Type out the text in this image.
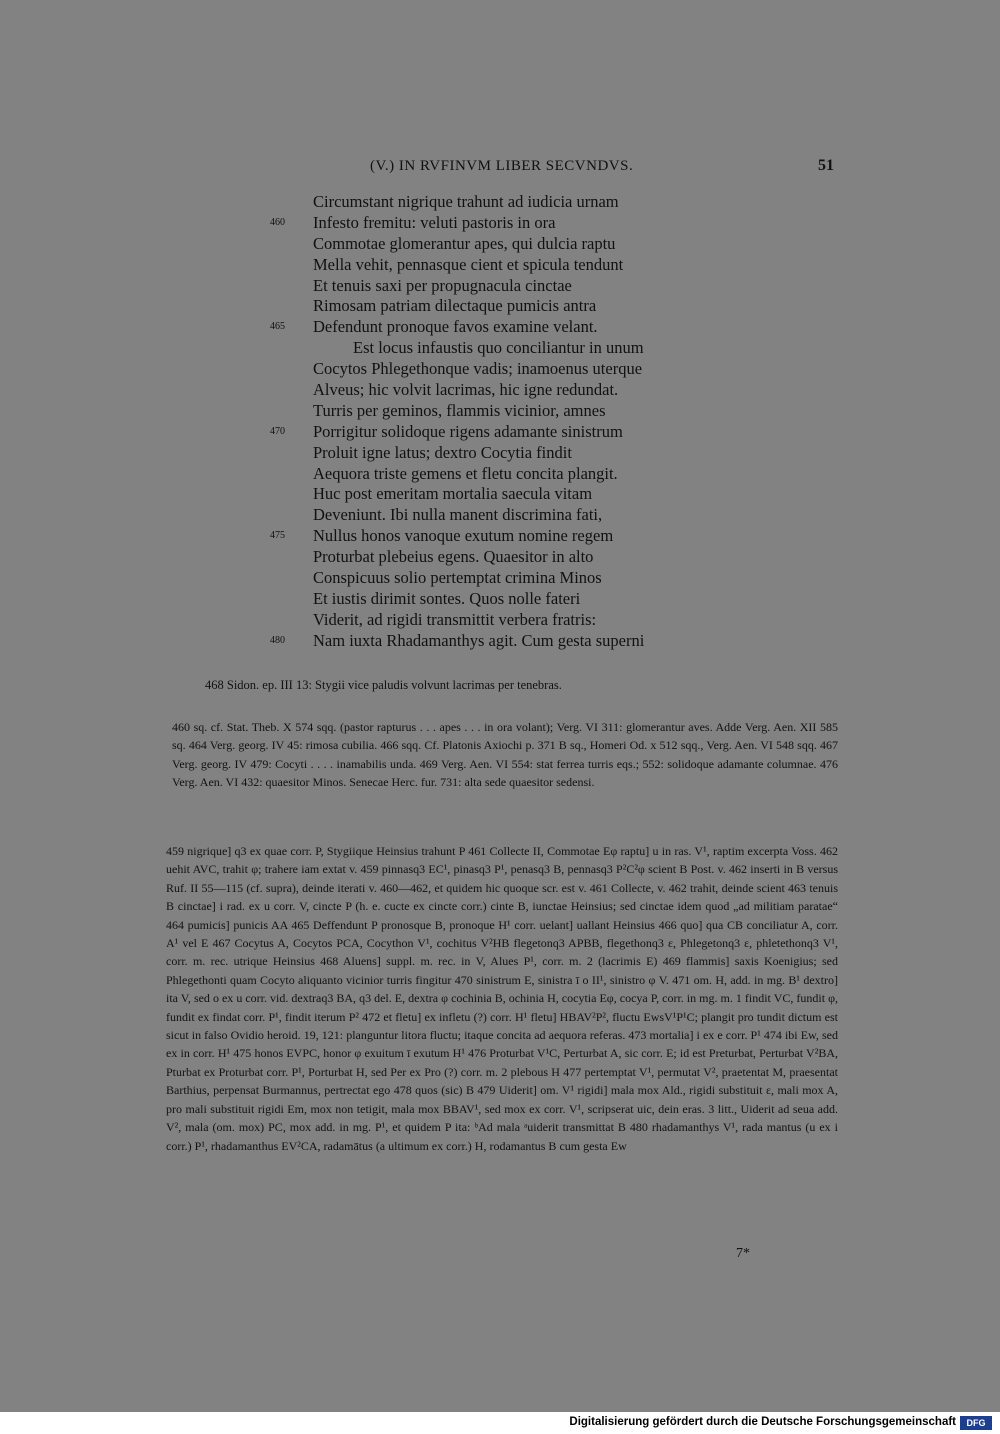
(V.) IN RVFINVM LIBER SECVNDVS.	51
Circumstant nigrique trahunt ad iudicia urnam
460	Infesto fremitu: veluti pastoris in ora
Commotae glomerantur apes, qui dulcia raptu
Mella vehit, pennasque cient et spicula tendunt
Et tenuis saxi per propugnacula cinctae
Rimosam patriam dilectaque pumicis antra
465	Defendunt pronoque favos examine velant.
Est locus infaustis quo conciliantur in unum
Cocytos Phlegethonque vadis; inamoenus uterque
Alveus; hic volvit lacrimas, hic igne redundat.
Turris per geminos, flammis vicinior, amnes
470	Porrigitur solidoque rigens adamante sinistrum
Proluit igne latus; dextro Cocytia findit
Aequora triste gemens et fletu concita plangit.
Huc post emeritam mortalia saecula vitam
Deveniunt. Ibi nulla manent discrimina fati,
475	Nullus honos vanoque exutum nomine regem
Proturbat plebeius egens. Quaesitor in alto
Conspicuus solio pertemptat crimina Minos
Et iustis dirimit sontes. Quos nolle fateri
Viderit, ad rigidi transmittit verbera fratris:
480	Nam iuxta Rhadamanthys agit. Cum gesta superni
468 Sidon. ep. III 13: Stygii vice paludis volvunt lacrimas per tenebras.

460 sq. cf. Stat. Theb. X 574 sqq. (pastor rapturus . . . apes . . . in ora volant); Verg. VI 311: glomerantur aves. Adde Verg. Aen. XII 585 sq. 464 Verg. georg. IV 45: rimosa cubilia. 466 sqq. Cf. Platonis Axiochi p. 371 B sq., Homeri Od. x 512 sqq., Verg. Aen. VI 548 sqq. 467 Verg. georg. IV 479: Cocyti . . . . inamabilis unda. 469 Verg. Aen. VI 554: stat ferrea turris eqs.; 552: solidoque adamante columnae. 476 Verg. Aen. VI 432: quaesitor Minos. Senecae Herc. fur. 731: alta sede quaesitor sedensi.

459 nigrique] q3 ex quae corr. P, Stygiique Heinsius trahunt P 461 Collecte II, Commotae Eφ raptu] u in ras. V¹, raptim excerpta Voss. 462 uehit AVC, trahit φ; trahere iam extat v. 459 pinnasq3 EC¹, pinasq3 P¹, penasq3 B, pennasq3 P²C²φ scient B Post. v. 462 inserti in B versus Ruf. II 55—115 (cf. supra), deinde iterati v. 460—462, et quidem hic quoque scr. est v. 461 Collecte, v. 462 trahit, deinde scient 463 tenuis B cinctae] i rad. ex u corr. V, cincte P (h. e. cucte ex cincte corr.) cinte B, iunctae Heinsius; sed cinctae idem quod „ad militiam paratae“ 464 pumicis] punicis AA 465 Deffendunt P pronosque B, pronoque H¹ corr. uelant] uallant Heinsius 466 quo] qua CB conciliatur A, corr. A¹ vel E 467 Cocytus A, Cocytos PCA, Cocython V¹, cochitus V²HB flegetonq3 APBB, flegethonq3 ε, Phlegetonq3 ε, phletethonq3 V¹, corr. m. rec. utrique Heinsius 468 Aluens] suppl. m. rec. in V, Alues P¹, corr. m. 2 (lacrimis E) 469 flammis] saxis Koenigius; sed Phlegethonti quam Cocyto aliquanto vicinior turris fingitur 470 sinistrum E, sinistra ī o II¹, sinistro φ V. 471 om. H, add. in mg. B¹ dextro] ita V, sed o ex u corr. vid. dextraq3 BA, q3 del. E, dextra φ cochinia B, ochinia H, cocytia Eφ, cocya P, corr. in mg. m. 1 findit VC, fundit φ, fundit ex findat corr. P¹, findit iterum P² 472 et fletu] ex infletu (?) corr. H¹ fletu] HBAV²P², fluctu EwsV¹P¹C; plangit pro tundit dictum est sicut in falso Ovidio heroid. 19, 121: planguntur litora fluctu; itaque concita ad aequora referas. 473 mortalia] i ex e corr. P¹ 474 ibi Ew, sed ex in corr. H¹ 475 honos EVPC, honor φ exuitum ī exutum H¹ 476 Proturbat V¹C, Perturbat A, sic corr. E; id est Preturbat, Perturbat V²BA, Pturbat ex Proturbat corr. P¹, Porturbat H, sed Per ex Pro (?) corr. m. 2 plebous H 477 pertemptat V¹, permutat V², praetentat M, praesentat Barthius, perpensat Burmannus, pertrectat ego 478 quos (sic) B 479 Uiderit] om. V¹ rigidi] mala mox Ald., rigidi substituit ε, mali mox A, pro mali substituit rigidi Em, mox non tetigit, mala mox BBAV¹, sed mox ex corr. V¹, scripserat uic, dein eras. 3 litt., Uiderit ad seua add. V², mala (om. mox) PC, mox add. in mg. P¹, et quidem P ita: ᵇAd mala ᵃuiderit transmittat B 480 rhadamanthys V¹, rada mantus (u ex i corr.) P¹, rhadamanthus EV²CA, radamātus (a ultimum ex corr.) H, rodamantus B cum gesta Ew

7*
Digitalisierung gefördert durch die Deutsche Forschungsgemeinschaft	DFG
